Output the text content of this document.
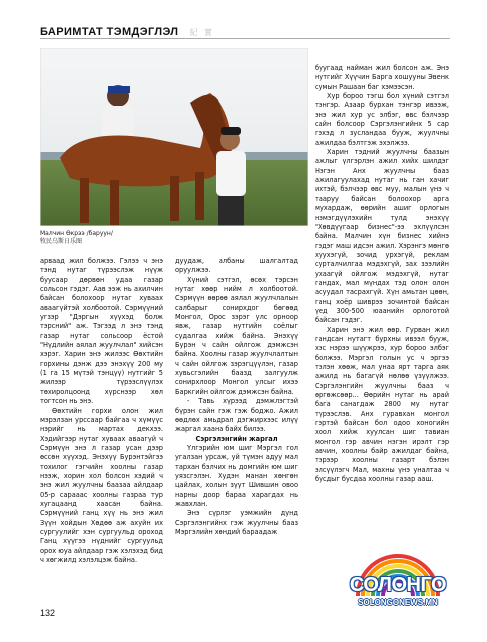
БАРИМТАТ ТЭМДЭГЛЭЛ 紀 實
Малчин Өкрээ /баруун/
牧民乌斯日乐图

арваад жил болжээ. Гэлээ ч энэ тэнд нутаг түрээслэж нүүж буусаар дөрвөн удаа газар сольсон гэдэг. Аав ээж нь ахилчин байсан болохоор нутаг хуваах аваагүйтэй холбоотой. Сэрмүүний угзэр "Дэргын хүүхэд болж тэрсний" аж. Тэгээд л энэ тэнд газар нутаг сольсоор ёстой "Нүдлийн аялал жуулчлал" хийсэн хэрэг. Харин энэ жилээс Өөхтийн горхины дэнж дээ энэхүү 200 му (1 га 15 мүтэй тэнцүү) нутгийг 5 жилээр түрээслүүлэх төхиролцоонд хүрснээр хөл тогтсон нь энэ.

Өөхтийн горхи олон жил мэрэлзан урссаар байгаа ч хүмүүс нэрийг нь мартах декхээ. Хэдийгээр нутаг хуваах аваагүй ч Сэрмүүн энэ л газар усан дээр өссөн хүүхэд. Энэхүү Бурэнтэйгээ тохилог гэгчийн хоолны газар нээж, хорин хол болсон хэдий ч энэ жил жуулчны баазаа айлдаар 05-р сарааас хоолны газраа тур хугацаанд хаасан байна. Сэрмүүний ганц хүү нь энэ жил Зүүн хойдын Хөдөө аж ахуйн их сургуулийг хэн сургуульд ороход Ганц хүүгээ нүднийг сургуульд орох юуа айлдаар гэж хэлэхэд бид ч хөгжилд хэлэлцэж байна.

дуудаж, албаны шалгалтад оруулжээ.

Хүний сэтгэл, өсөх тэрсэн нутаг хөөр нийм л холбоотой. Сэрмүүн өөрөө аялал жуулчлалын салбарыг сонирхдог бөгөөд Монгол, Орос зэрэг улс орноор явж, газар нутгийн соёлыг судалгаа хийж байна. Энэхүү Бурэн ч сайн ойлгож дэмжсэн байна. Хоолны газар жуулчлалтын ч сайн ойлгож зэрэгцүүлэн, газар хувьсгэлийн баазд залгуулж сонирхлоор Монгол улсыг ихээ Баркгийн ойлгож дэмжсэн байна.

- Тавь хүрээд дэмжлэгтэй бүрэн сайн гэж гэж боджо. Ажил өөдлөх амьдрал дэгжирхээс илүү жаргал хаана байх билээ.

Сэргэлэнгийн жаргал

Үлгэрийн юм шиг Мэргэл гол угалзан урсаж, уй түмэн адуу мал тархан бэлчих нь домгийн юм шиг уязсгэлэн. Худэн манан хөнгөн цайлах, холын зүүт Шившин овоо нарны доор бараа харагдах нь жавхлан.

Энэ сүрлэг уэмжийн дунд Сэргэлэнгийнх гэж жуулчны бааз Мэргэлийн хөндий бараадаж

буугаад найман жил болсон аж. Энэ нутгийг Хүүчин Барга хошууны Эвенк сумын Рашаан баг хэмээсэн.

Хур бороо тэгш бол хүний сэтгэл тэнгэр. Азаар бурхан тэнгэр ивээж, энэ жил хур ус элбэг, өвс бэлчээр сайн болсоор Сэргэлэнгийнх 5 сар гэхэд л зусландаа бууж, жуулчны ажилдаа бэлтгэж эхэлжээ.

Харин тэдний жуулчны баазын ажлыг үлгэрлэн ажил хийх шилдэг Нэгэн Анх жуулчны бааз ажилагуулахад нутаг нь ган хачиг ихтэй, бэлчээр өвс муу, малын үнэ ч тааруу байсан болоохор арга мухардаж, өөрийн ашиг орлогын нэмэгдүүлэхийн тулд энэхүү "Хөвдүүгаар бизнес"-ээ эхлүүлсэн байна. Малчин хүн бизнес хийнэ гэдэг маш идсэн ажил. Хэрэнгэ мөнгө хуухэгүй, зочид урхэгүй, реклам сурталчилгаа мэдэхгүй, зах зээлийн ухаагүй ойлгож мэдэхгүй, нутаг гандах, мал мүндах тэд олон олон асуудал тасрахгүй. Хүн амьтан цөөн, ганц хоёр шиврээ зочинтой байсан үед 300-500 юаанийн орлоготой байсан гэдэг.

Харин энэ жил өөр. Гурван жил гандсан нутагт бурхны ивээл бууж, хэс нэрээ шүүжрээ, хур бороо элбэг болжээ. Мэргэл голын ус ч эргээ тэлэн хөөж, мал унаа ярт тарга аяк ажилд нь багагүй нөлөө үзүүлжээ. Сэргэлэнгийн жуулчны бааз ч өргөжсөөр... Өөрийн нутаг нь арай бага санагдаж 2800 му нутаг түрээслэв. Анх гуравхан монгол гэртэй байсан бол одоо хоногийн хоол хийж хуулсан шиг тавиан монгол гэр авчин нэгэн ирэлт гэр авчин, хоолны байр ажилдаг байна, тэрээр хоолны газарт бэлэн элсүүлэгч Мал, махны үнэ уналтаа ч бусдыг бусдаа хоолны газар ааш.

132
СОЛОНГО
SOLONGONEWS.MN
